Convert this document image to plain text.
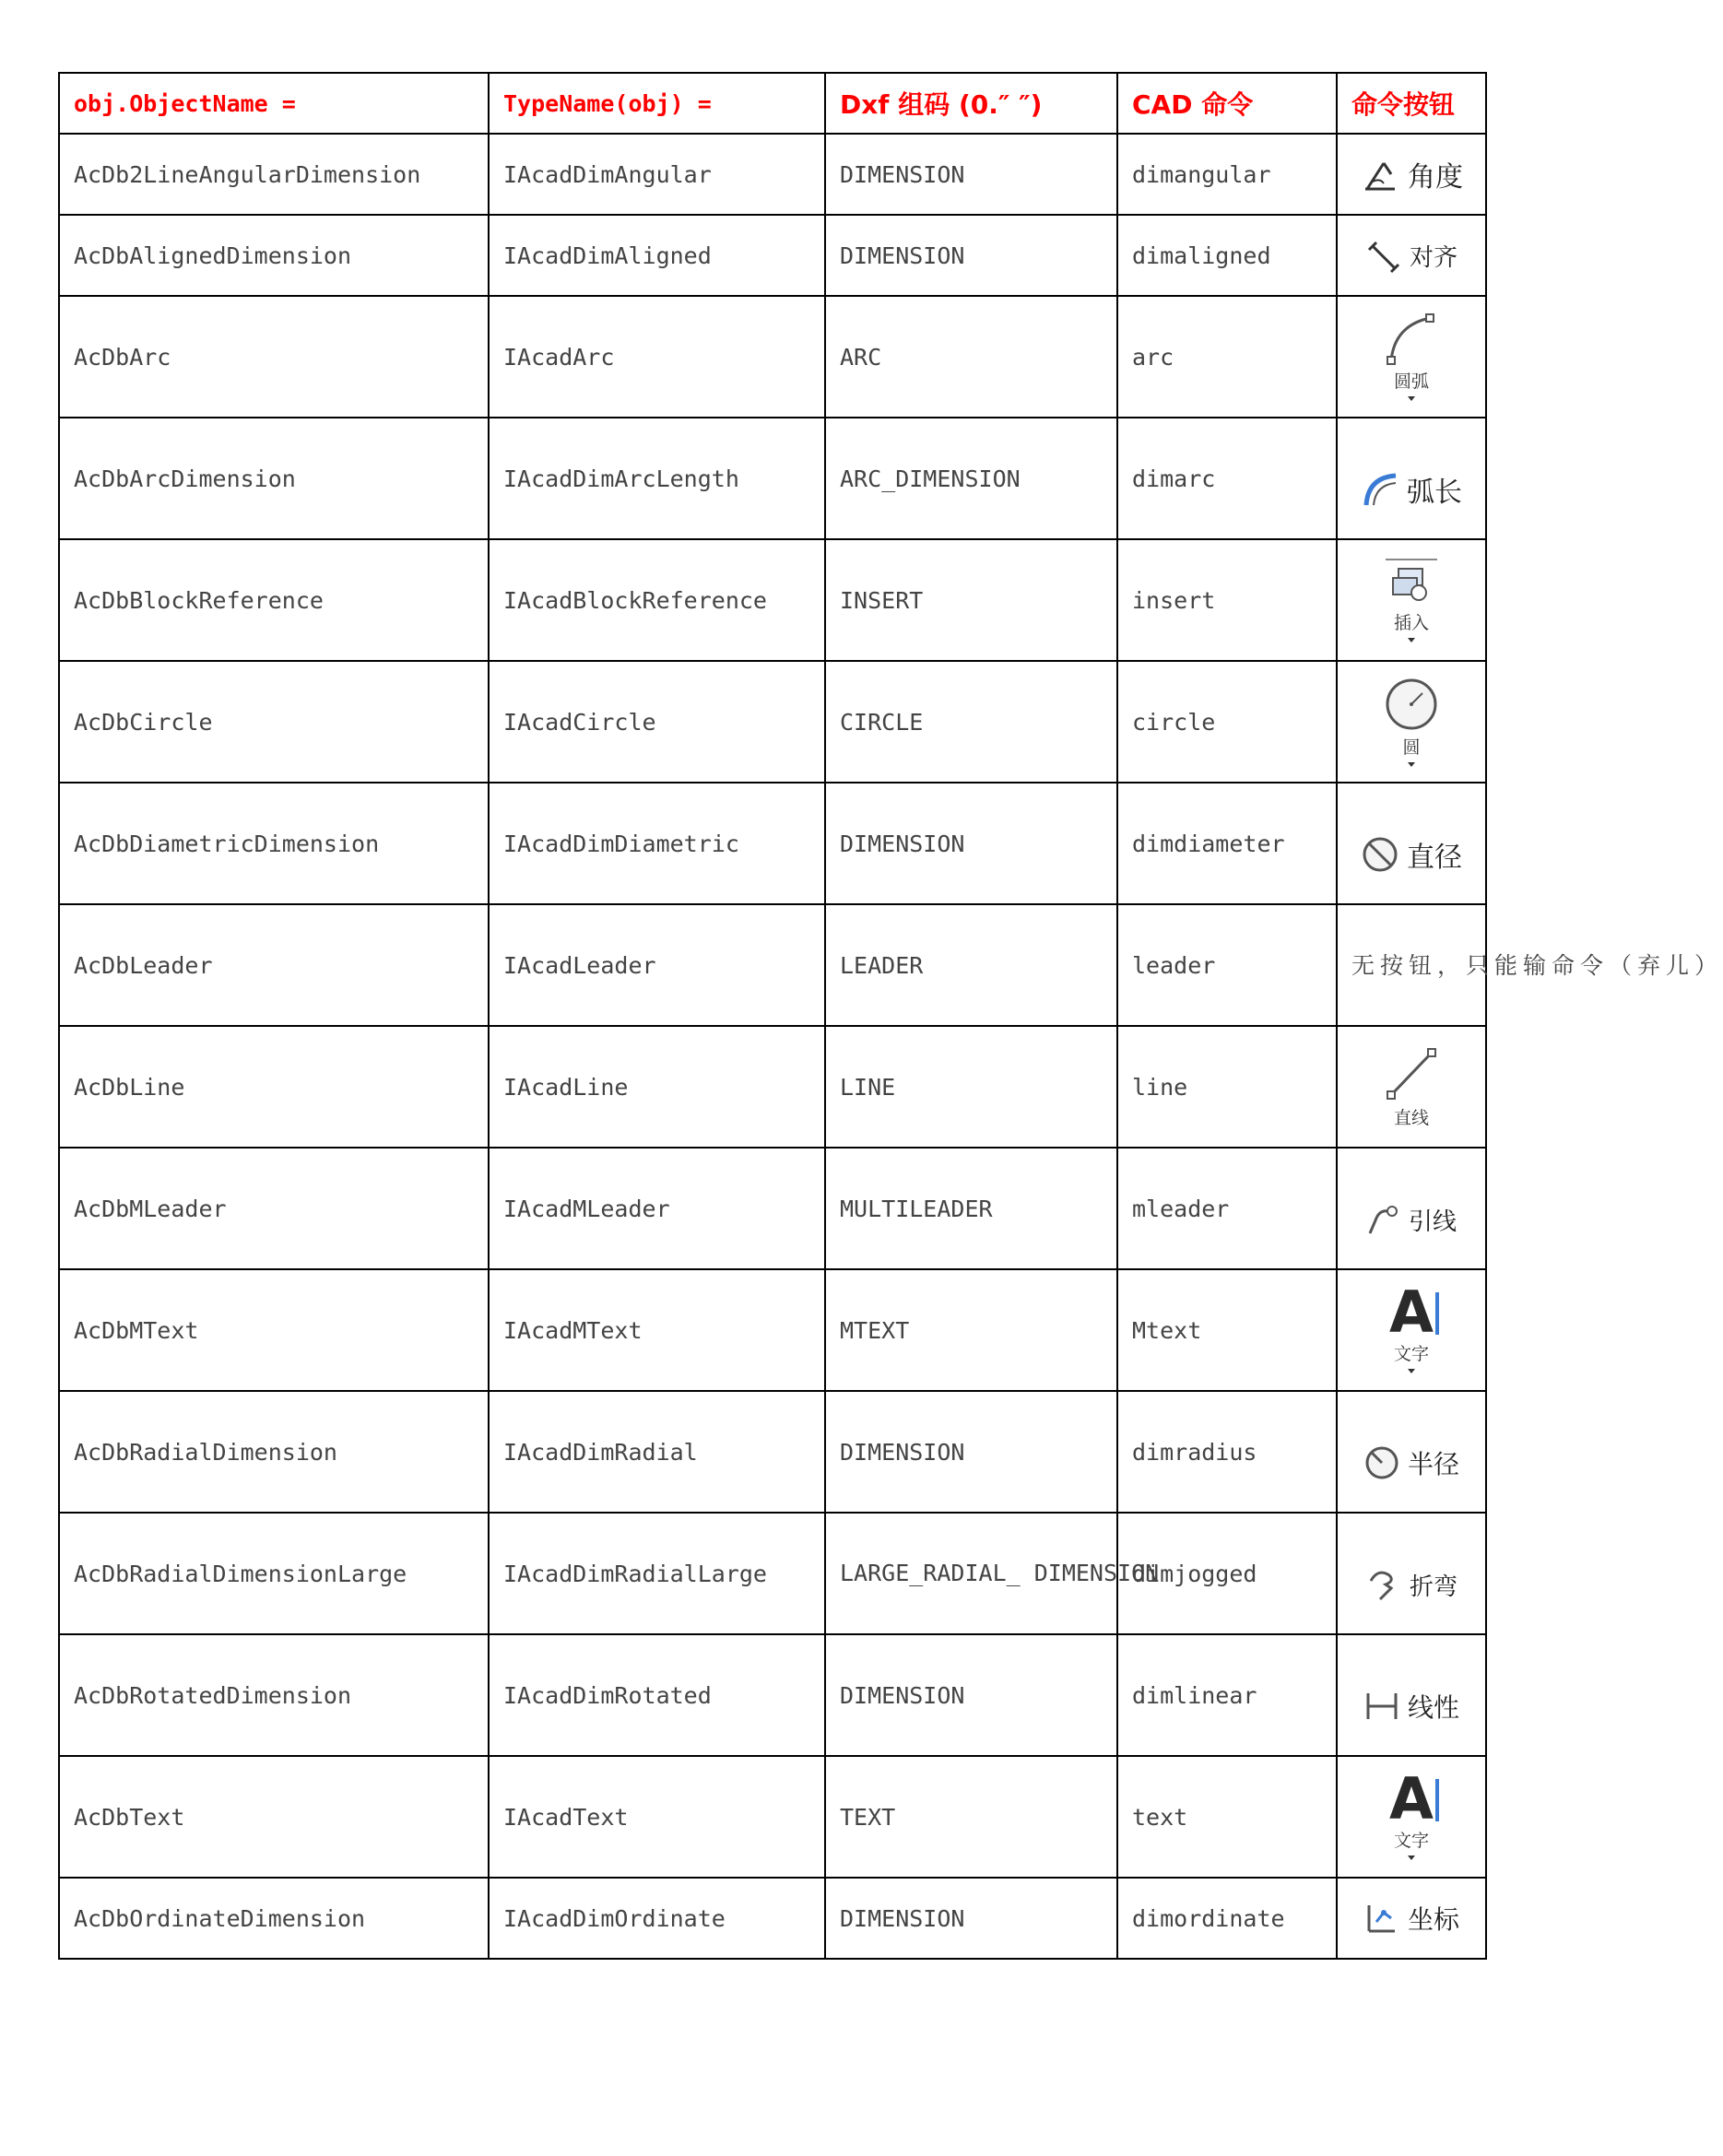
obj.ObjectName =	TypeName(obj) =	Dxf 组码 (0.″ ″)	CAD 命令	命令按钮
AcDb2LineAngularDimension	IAcadDimAngular	DIMENSION	dimangular	角度

AcDbAlignedDimension	IAcadDimAligned	DIMENSION	dimaligned	对齐

AcDbArc	IAcadArc	ARC	arc	圆弧

AcDbArcDimension	IAcadDimArcLength	ARC_DIMENSION	dimarc	弧长

AcDbBlockReference	IAcadBlockReference	INSERT	insert	插入

AcDbCircle	IAcadCircle	CIRCLE	circle	圆

AcDbDiametricDimension	IAcadDimDiametric	DIMENSION	dimdiameter	直径

AcDbLeader	IAcadLeader	LEADER	leader	无按钮，只能输命令（弃儿）
AcDbLine	IAcadLine	LINE	line	直线

AcDbMLeader	IAcadMLeader	MULTILEADER	mleader	引线

AcDbMText	IAcadMText	MTEXT	Mtext	A
文字

AcDbRadialDimension	IAcadDimRadial	DIMENSION	dimradius	半径

AcDbRadialDimensionLarge	IAcadDimRadialLarge	LARGE_RADIAL_ DIMENSION	dimjogged	折弯

AcDbRotatedDimension	IAcadDimRotated	DIMENSION	dimlinear	线性

AcDbText	IAcadText	TEXT	text	A
文字

AcDbOrdinateDimension	IAcadDimOrdinate	DIMENSION	dimordinate	坐标
